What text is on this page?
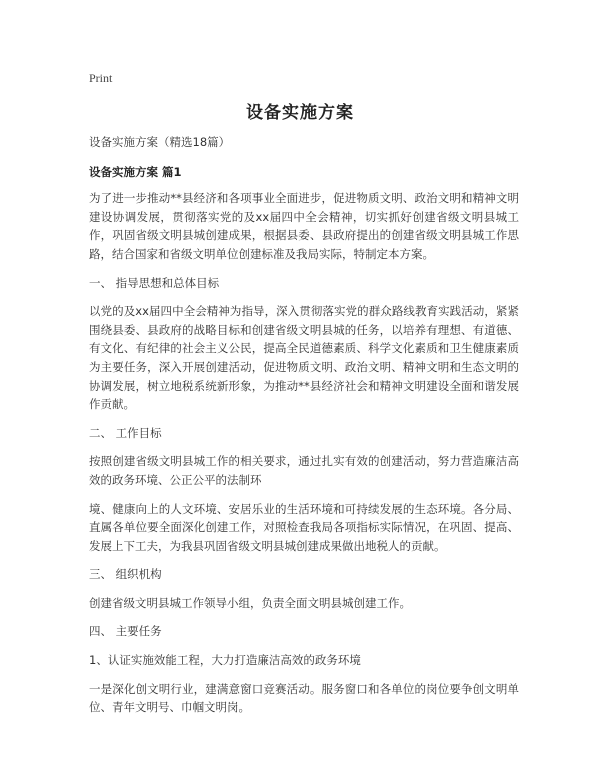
Print
设备实施方案

设备实施方案（精选18篇）

设备实施方案 篇1

为了进一步推动**县经济和各项事业全面进步，促进物质文明、政治文明和精神文明建设协调发展，贯彻落实党的及xx届四中全会精神，切实抓好创建省级文明县城工作，巩固省级文明县城创建成果，根据县委、县政府提出的创建省级文明县城工作思路，结合国家和省级文明单位创建标准及我局实际，特制定本方案。

一、 指导思想和总体目标

以党的及xx届四中全会精神为指导，深入贯彻落实党的群众路线教育实践活动，紧紧围绕县委、县政府的战略目标和创建省级文明县城的任务，以培养有理想、有道德、有文化、有纪律的社会主义公民，提高全民道德素质、科学文化素质和卫生健康素质为主要任务，深入开展创建活动，促进物质文明、政治文明、精神文明和生态文明的协调发展，树立地税系统新形象，为推动**县经济社会和精神文明建设全面和谐发展作贡献。

二、 工作目标

按照创建省级文明县城工作的相关要求，通过扎实有效的创建活动，努力营造廉洁高效的政务环境、公正公平的法制环

境、健康向上的人文环境、安居乐业的生活环境和可持续发展的生态环境。各分局、直属各单位要全面深化创建工作，对照检查我局各项指标实际情况，在巩固、提高、发展上下工夫，为我县巩固省级文明县城创建成果做出地税人的贡献。

三、 组织机构

创建省级文明县城工作领导小组，负责全面文明县城创建工作。

四、 主要任务

1、认证实施效能工程，大力打造廉洁高效的政务环境

一是深化创文明行业，建满意窗口竞赛活动。服务窗口和各单位的岗位要争创文明单位、青年文明号、巾帼文明岗。
